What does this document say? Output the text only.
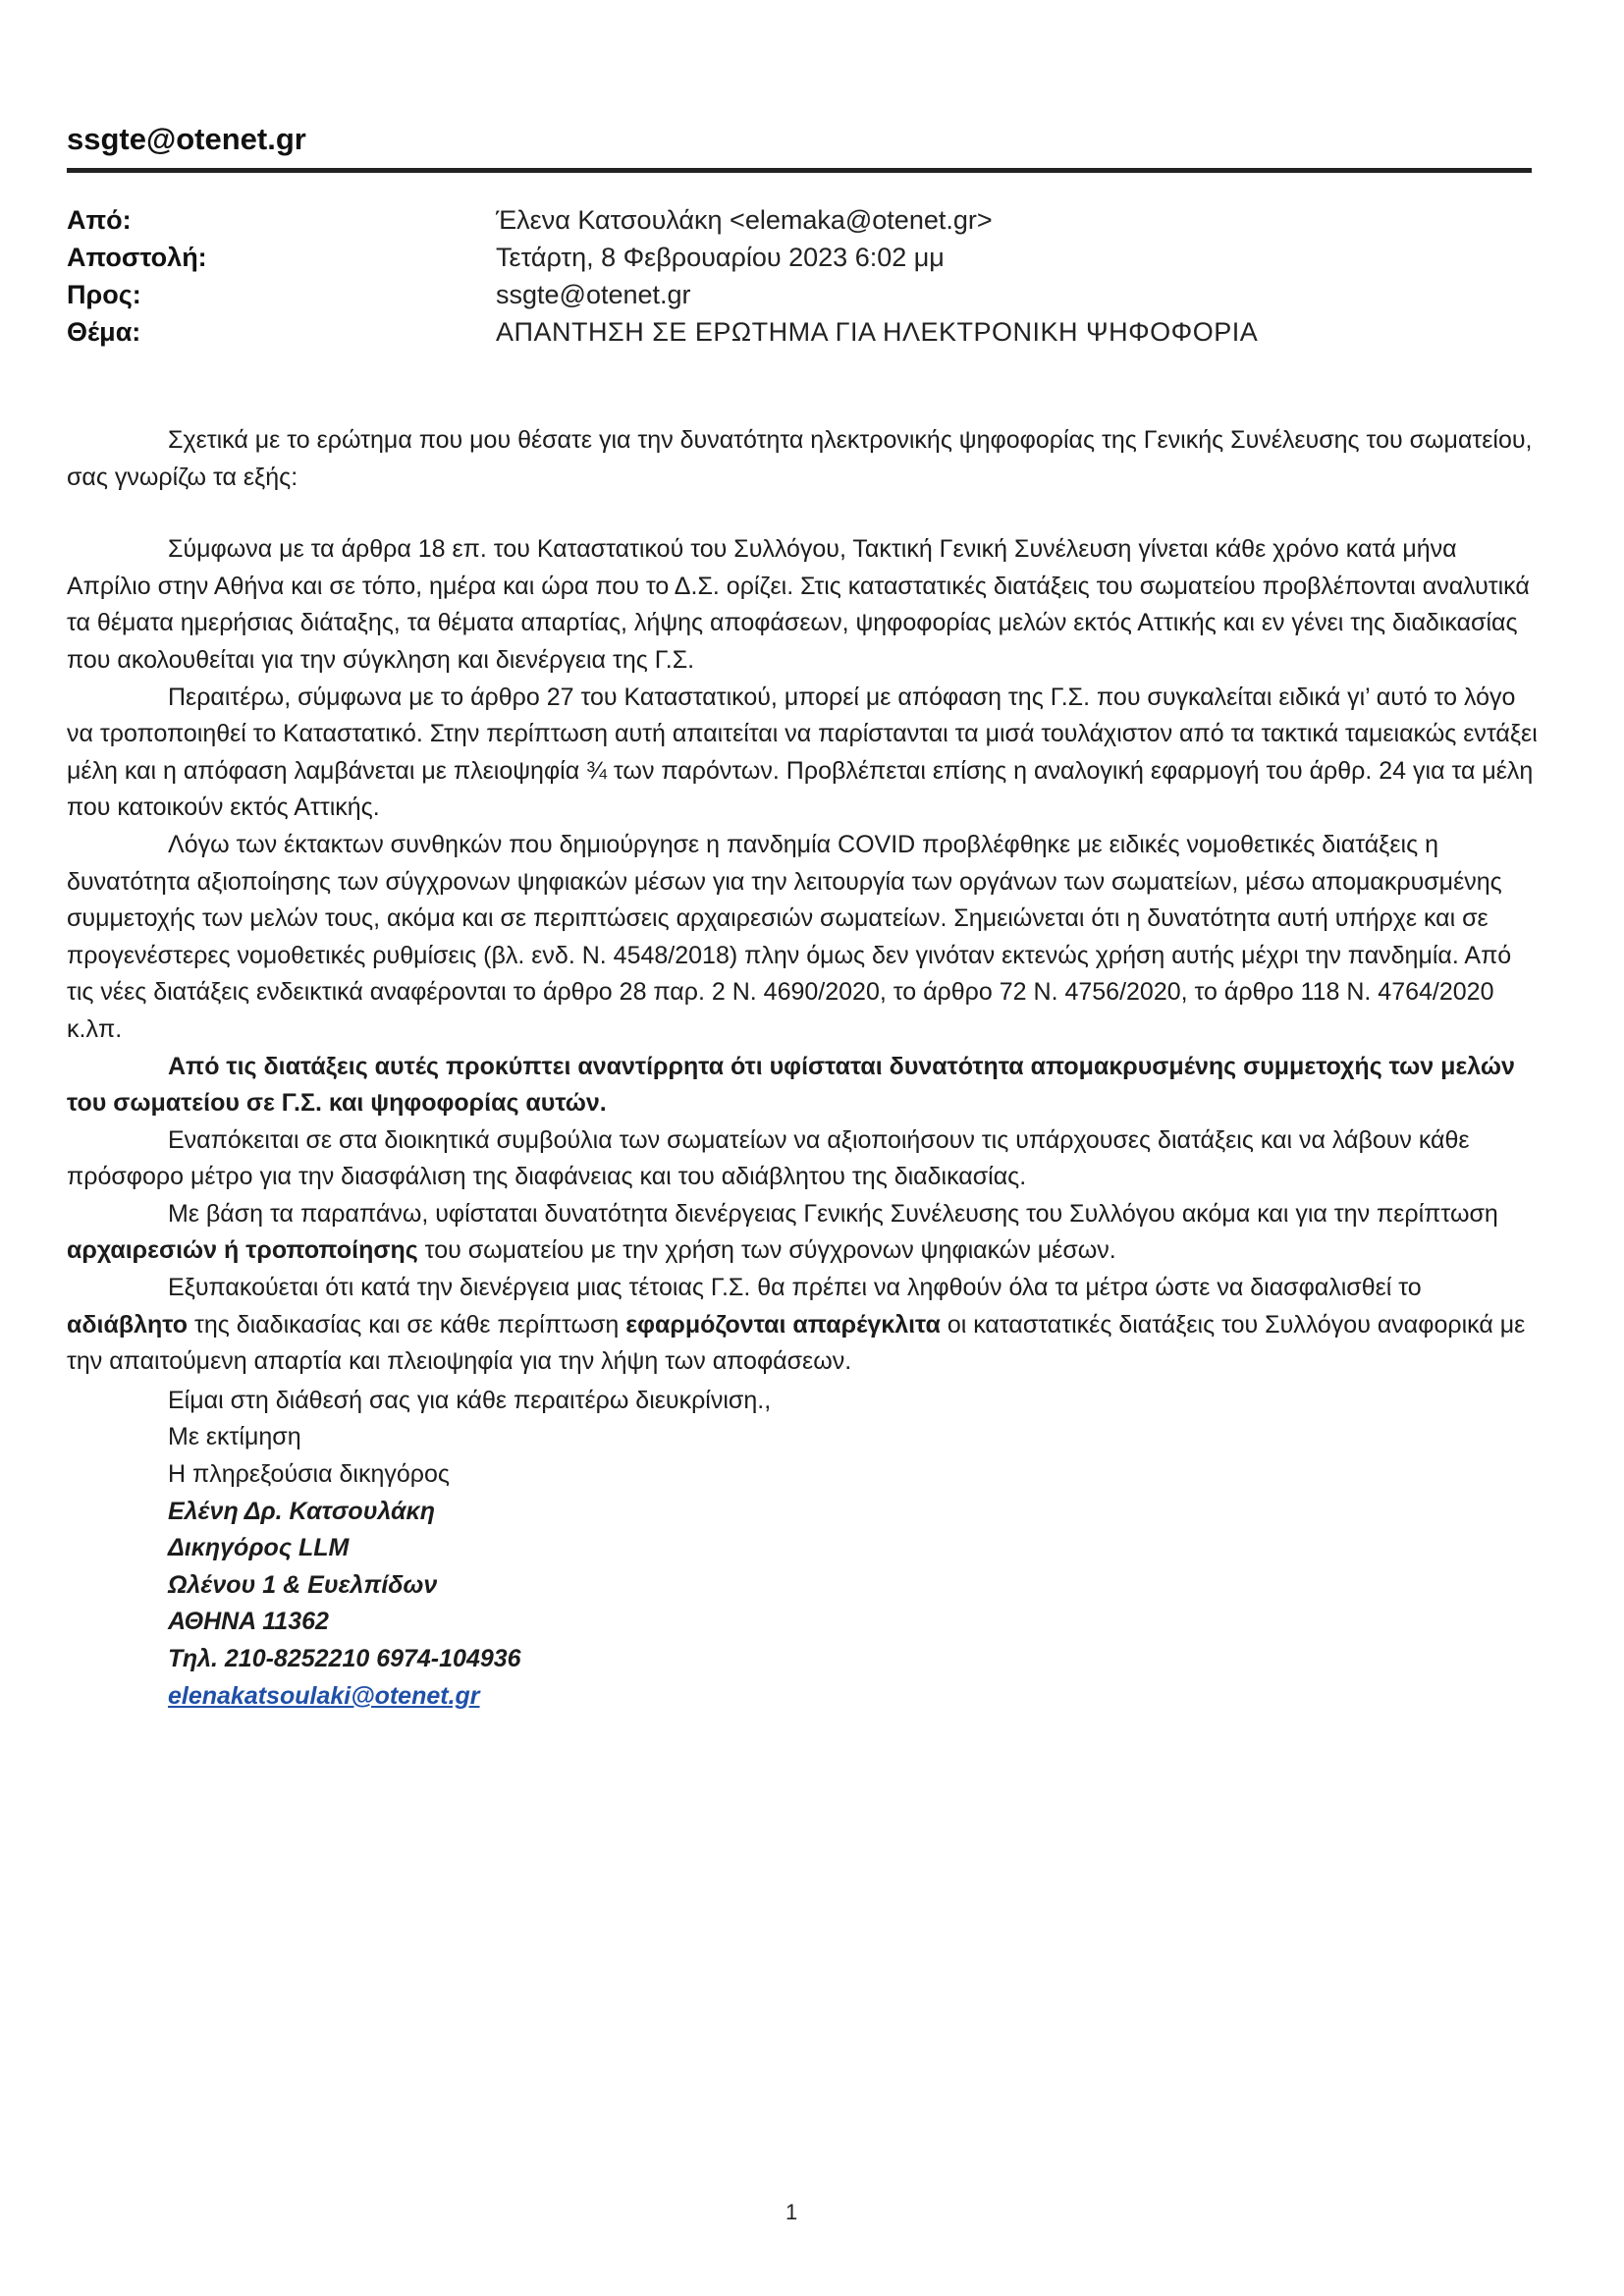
ssgte@otenet.gr
Από:	Έλενα Κατσουλάκη <elemaka@otenet.gr>
Αποστολή:	Τετάρτη, 8 Φεβρουαρίου 2023 6:02 μμ
Προς:	ssgte@otenet.gr
Θέμα:	ΑΠΑΝΤΗΣΗ ΣΕ ΕΡΩΤΗΜΑ ΓΙΑ ΗΛΕΚΤΡΟΝΙΚΗ ΨΗΦΟΦΟΡΙΑ

Σχετικά με το ερώτημα που μου θέσατε για την δυνατότητα ηλεκτρονικής ψηφοφορίας της Γενικής Συνέλευσης του σωματείου, σας γνωρίζω τα εξής:

Σύμφωνα με τα άρθρα 18 επ. του Καταστατικού του Συλλόγου, Τακτική Γενική Συνέλευση γίνεται κάθε χρόνο κατά μήνα Απρίλιο στην Αθήνα και σε τόπο, ημέρα και ώρα που το Δ.Σ. ορίζει. Στις καταστατικές διατάξεις του σωματείου προβλέπονται αναλυτικά τα θέματα ημερήσιας διάταξης, τα θέματα απαρτίας, λήψης αποφάσεων, ψηφοφορίας μελών εκτός Αττικής και εν γένει της διαδικασίας που ακολουθείται για την σύγκληση και διενέργεια της Γ.Σ.

Περαιτέρω, σύμφωνα με το άρθρο 27 του Καταστατικού, μπορεί με απόφαση της Γ.Σ. που συγκαλείται ειδικά γι’ αυτό το λόγο να τροποποιηθεί το Καταστατικό. Στην περίπτωση αυτή απαιτείται να παρίστανται τα μισά τουλάχιστον από τα τακτικά ταμειακώς εντάξει μέλη και η απόφαση λαμβάνεται με πλειοψηφία ¾ των παρόντων. Προβλέπεται επίσης η αναλογική εφαρμογή του άρθρ. 24 για τα μέλη που κατοικούν εκτός Αττικής.

Λόγω των έκτακτων συνθηκών που δημιούργησε η πανδημία COVID προβλέφθηκε με ειδικές νομοθετικές διατάξεις η δυνατότητα αξιοποίησης των σύγχρονων ψηφιακών μέσων για την λειτουργία των οργάνων των σωματείων, μέσω απομακρυσμένης συμμετοχής των μελών τους, ακόμα και σε περιπτώσεις αρχαιρεσιών σωματείων. Σημειώνεται ότι η δυνατότητα αυτή υπήρχε και σε προγενέστερες νομοθετικές ρυθμίσεις (βλ. ενδ. Ν. 4548/2018) πλην όμως δεν γινόταν εκτενώς χρήση αυτής μέχρι την πανδημία. Από τις νέες διατάξεις ενδεικτικά αναφέρονται το άρθρο 28 παρ. 2 Ν. 4690/2020, το άρθρο 72 Ν. 4756/2020, το άρθρο 118 Ν. 4764/2020 κ.λπ.

Από τις διατάξεις αυτές προκύπτει αναντίρρητα ότι υφίσταται δυνατότητα απομακρυσμένης συμμετοχής των μελών του σωματείου σε Γ.Σ. και ψηφοφορίας αυτών.

Εναπόκειται σε στα διοικητικά συμβούλια των σωματείων να αξιοποιήσουν τις υπάρχουσες διατάξεις και να λάβουν κάθε πρόσφορο μέτρο για την διασφάλιση της διαφάνειας και του αδιάβλητου της διαδικασίας.

Με βάση τα παραπάνω, υφίσταται δυνατότητα διενέργειας Γενικής Συνέλευσης του Συλλόγου ακόμα και για την περίπτωση αρχαιρεσιών ή τροποποίησης του σωματείου με την χρήση των σύγχρονων ψηφιακών μέσων.

Εξυπακούεται ότι κατά την διενέργεια μιας τέτοιας Γ.Σ. θα πρέπει να ληφθούν όλα τα μέτρα ώστε να διασφαλισθεί το αδιάβλητο της διαδικασίας και σε κάθε περίπτωση εφαρμόζονται απαρέγκλιτα οι καταστατικές διατάξεις του Συλλόγου αναφορικά με την απαιτούμενη απαρτία και πλειοψηφία για την λήψη των αποφάσεων.

Είμαι στη διάθεσή σας για κάθε περαιτέρω διευκρίνιση.,
Με εκτίμηση
Η πληρεξούσια δικηγόρος
Ελένη Δρ. Κατσουλάκη
Δικηγόρος LLM
Ωλένου 1 & Ευελπίδων
ΑΘΗΝΑ 11362
Τηλ. 210-8252210 6974-104936
elenakatsoulaki@otenet.gr
1
